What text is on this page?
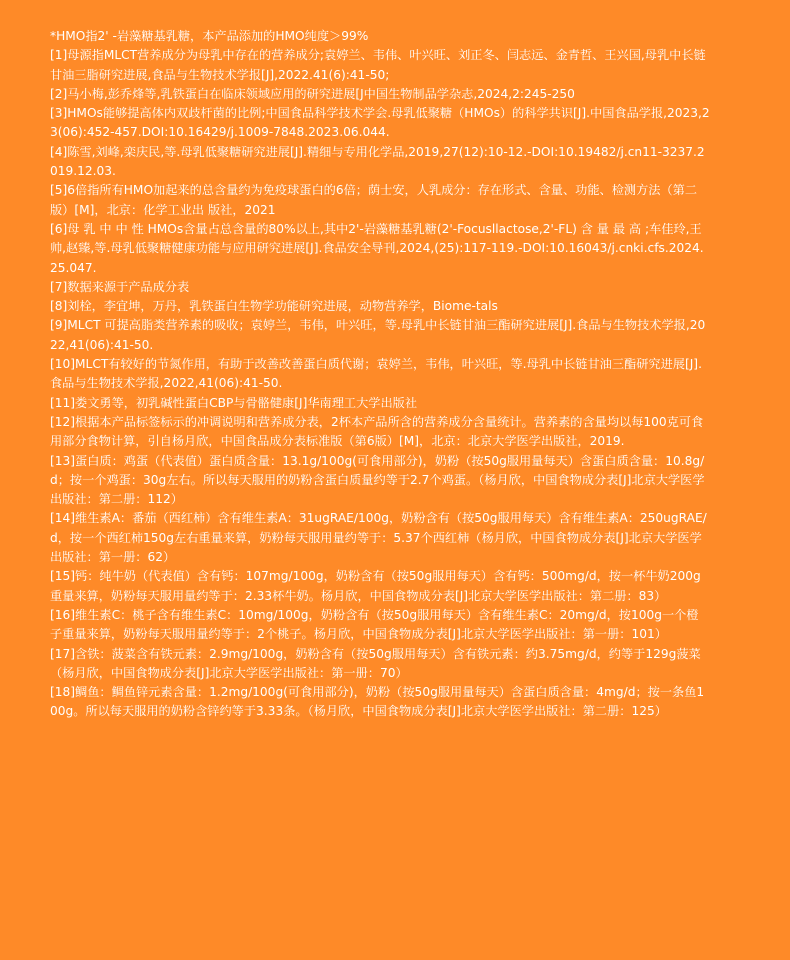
*HMO指2' -岩藻糖基乳糖，本产品添加的HMO纯度＞99%

[1]母源指MLCT营养成分为母乳中存在的营养成分;袁婷兰、韦伟、叶兴旺、刘正冬、闫志远、金青哲、王兴国,母乳中长链甘油三脂研究进展,食品与生物技术学报[J],2022.41(6):41-50;

[2]马小梅,彭乔烽等,乳铁蛋白在临床领域应用的研究进展[J中国生物制品学杂志,2024,2:245-250

[3]HMOs能够提高体内双歧杆菌的比例;中国食品科学技术学会.母乳低聚糖（HMOs）的科学共识[J].中国食品学报,2023,23(06):452-457.DOI:10.16429/j.1009-7848.2023.06.044.

[4]陈雪,刘峰,栾庆民,等.母乳低聚糖研究进展[J].精细与专用化学品,2019,27(12):10-12.-DOI:10.19482/j.cn11-3237.2019.12.03.

[5]6倍指所有HMO加起来的总含量约为免疫球蛋白的6倍；荫士安，人乳成分：存在形式、含量、功能、检测方法（第二版）[M]，北京：化学工业出 版社，2021

[6]母 乳 中 中 性 HMOs含量占总含量的80%以上,其中2'-岩藻糖基乳糖(2'-Focusllactose,2'-FL) 含 量 最 高 ;车佳玲,王帅,赵臻,等.母乳低聚糖健康功能与应用研究进展[J].食品安全导刊,2024,(25):117-119.-DOI:10.16043/j.cnki.cfs.2024.25.047.

[7]数据来源于产品成分表

[8]刘栓，李宜坤，万丹，乳铁蛋白生物学功能研究进展，动物营养学，Biome-tals

[9]MLCT 可提高脂类营养素的吸收；袁婷兰，韦伟，叶兴旺，等.母乳中长链甘油三酯研究进展[J].食品与生物技术学报,2022,41(06):41-50.

[10]MLCT有较好的节氮作用，有助于改善改善蛋白质代谢；袁婷兰，韦伟，叶兴旺，等.母乳中长链甘油三酯研究进展[J].食品与生物技术学报,2022,41(06):41-50.

[11]娄文勇等，初乳碱性蛋白CBP与骨骼健康[J]华南理工大学出版社

[12]根据本产品标签标示的冲调说明和营养成分表，2杯本产品所含的营养成分含量统计。营养素的含量均以每100克可食用部分食物计算，引自杨月欣，中国食品成分表标准版（第6版）[M]，北京：北京大学医学出版社，2019.

[13]蛋白质：鸡蛋（代表值）蛋白质含量：13.1g/100g(可食用部分)，奶粉（按50g服用量每天）含蛋白质含量：10.8g/d；按一个鸡蛋：30g左右。所以每天服用的奶粉含蛋白质量约等于2.7个鸡蛋。（杨月欣，中国食物成分表[J]北京大学医学出版社：第二册：112）

[14]维生素A：番茄（西红柿）含有维生素A：31ugRAE/100g，奶粉含有（按50g服用每天）含有维生素A：250ugRAE/d，按一个西红柿150g左右重量来算，奶粉每天服用量约等于：5.37个西红柿（杨月欣，中国食物成分表[J]北京大学医学出版社：第一册：62）

[15]钙：纯牛奶（代表值）含有钙：107mg/100g，奶粉含有（按50g服用每天）含有钙：500mg/d，按一杯牛奶200g重量来算，奶粉每天服用量约等于：2.33杯牛奶。杨月欣，中国食物成分表[J]北京大学医学出版社：第二册：83）

[16]维生素C：桃子含有维生素C：10mg/100g，奶粉含有（按50g服用每天）含有维生素C：20mg/d，按100g一个橙子重量来算，奶粉每天服用量约等于：2个桃子。杨月欣，中国食物成分表[J]北京大学医学出版社：第一册：101）

[17]含铁：菠菜含有铁元素：2.9mg/100g，奶粉含有（按50g服用每天）含有铁元素：约3.75mg/d，约等于129g菠菜（杨月欣，中国食物成分表[J]北京大学医学出版社：第一册：70）

[18]鲷鱼：鲷鱼锌元素含量：1.2mg/100g(可食用部分)，奶粉（按50g服用量每天）含蛋白质含量：4mg/d；按一条鱼100g。所以每天服用的奶粉含锌约等于3.33条。（杨月欣，中国食物成分表[J]北京大学医学出版社：第二册：125）
